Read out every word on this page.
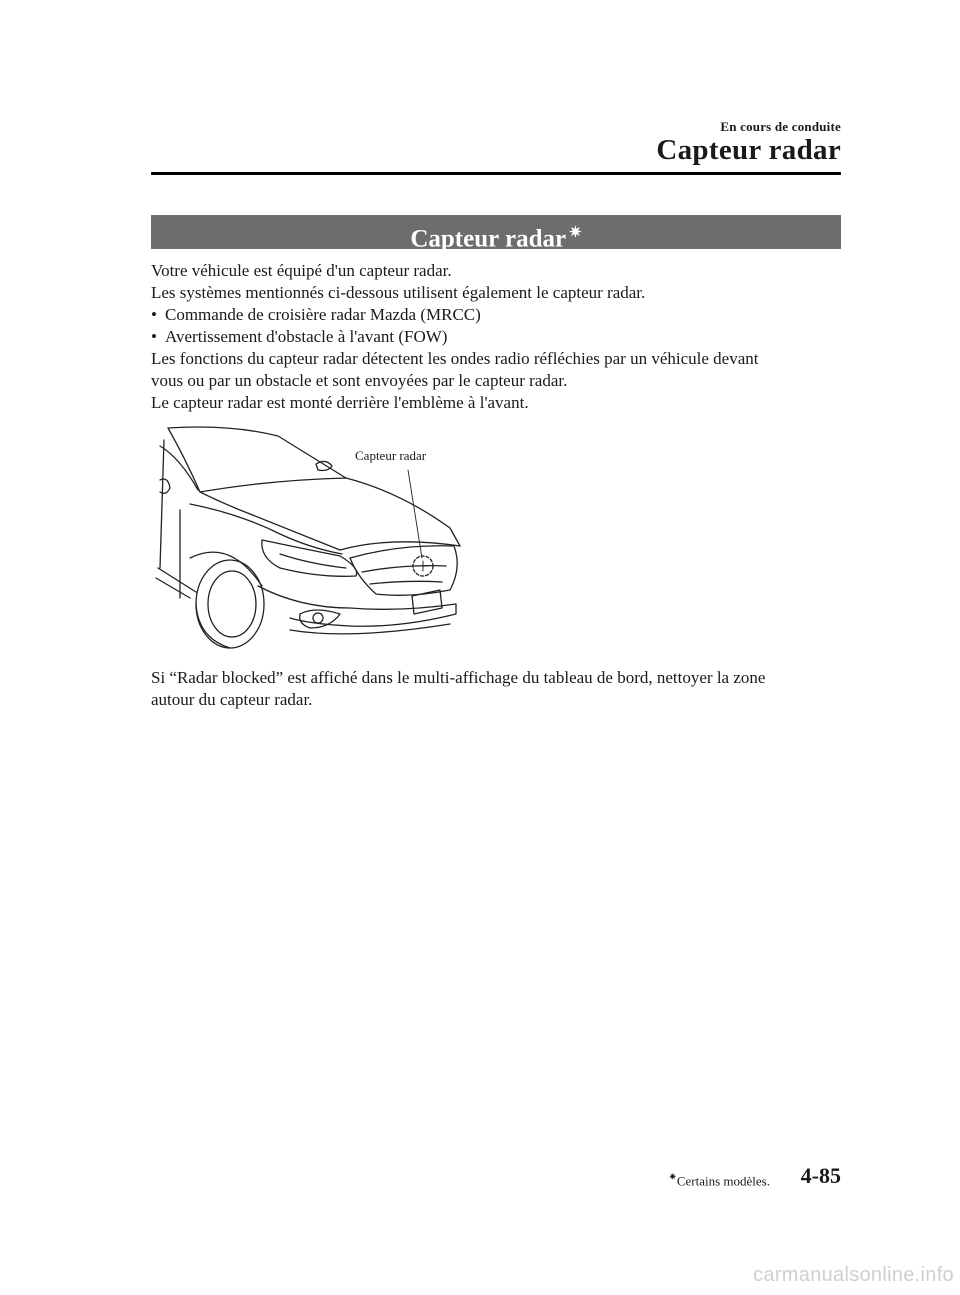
En cours de conduite
Capteur radar
Capteur radar ✷

Votre véhicule est équipé d'un capteur radar.

Les systèmes mentionnés ci-dessous utilisent également le capteur radar.

• Commande de croisière radar Mazda (MRCC)

• Avertissement d'obstacle à l'avant (FOW)

Les fonctions du capteur radar détectent les ondes radio réfléchies par un véhicule devant

vous ou par un obstacle et sont envoyées par le capteur radar.

Le capteur radar est monté derrière l'emblème à l'avant.

Capteur radar

Si “Radar blocked” est affiché dans le multi-affichage du tableau de bord, nettoyer la zone

autour du capteur radar.

✷Certains modèles. 4-85
carmanualsonline.info
